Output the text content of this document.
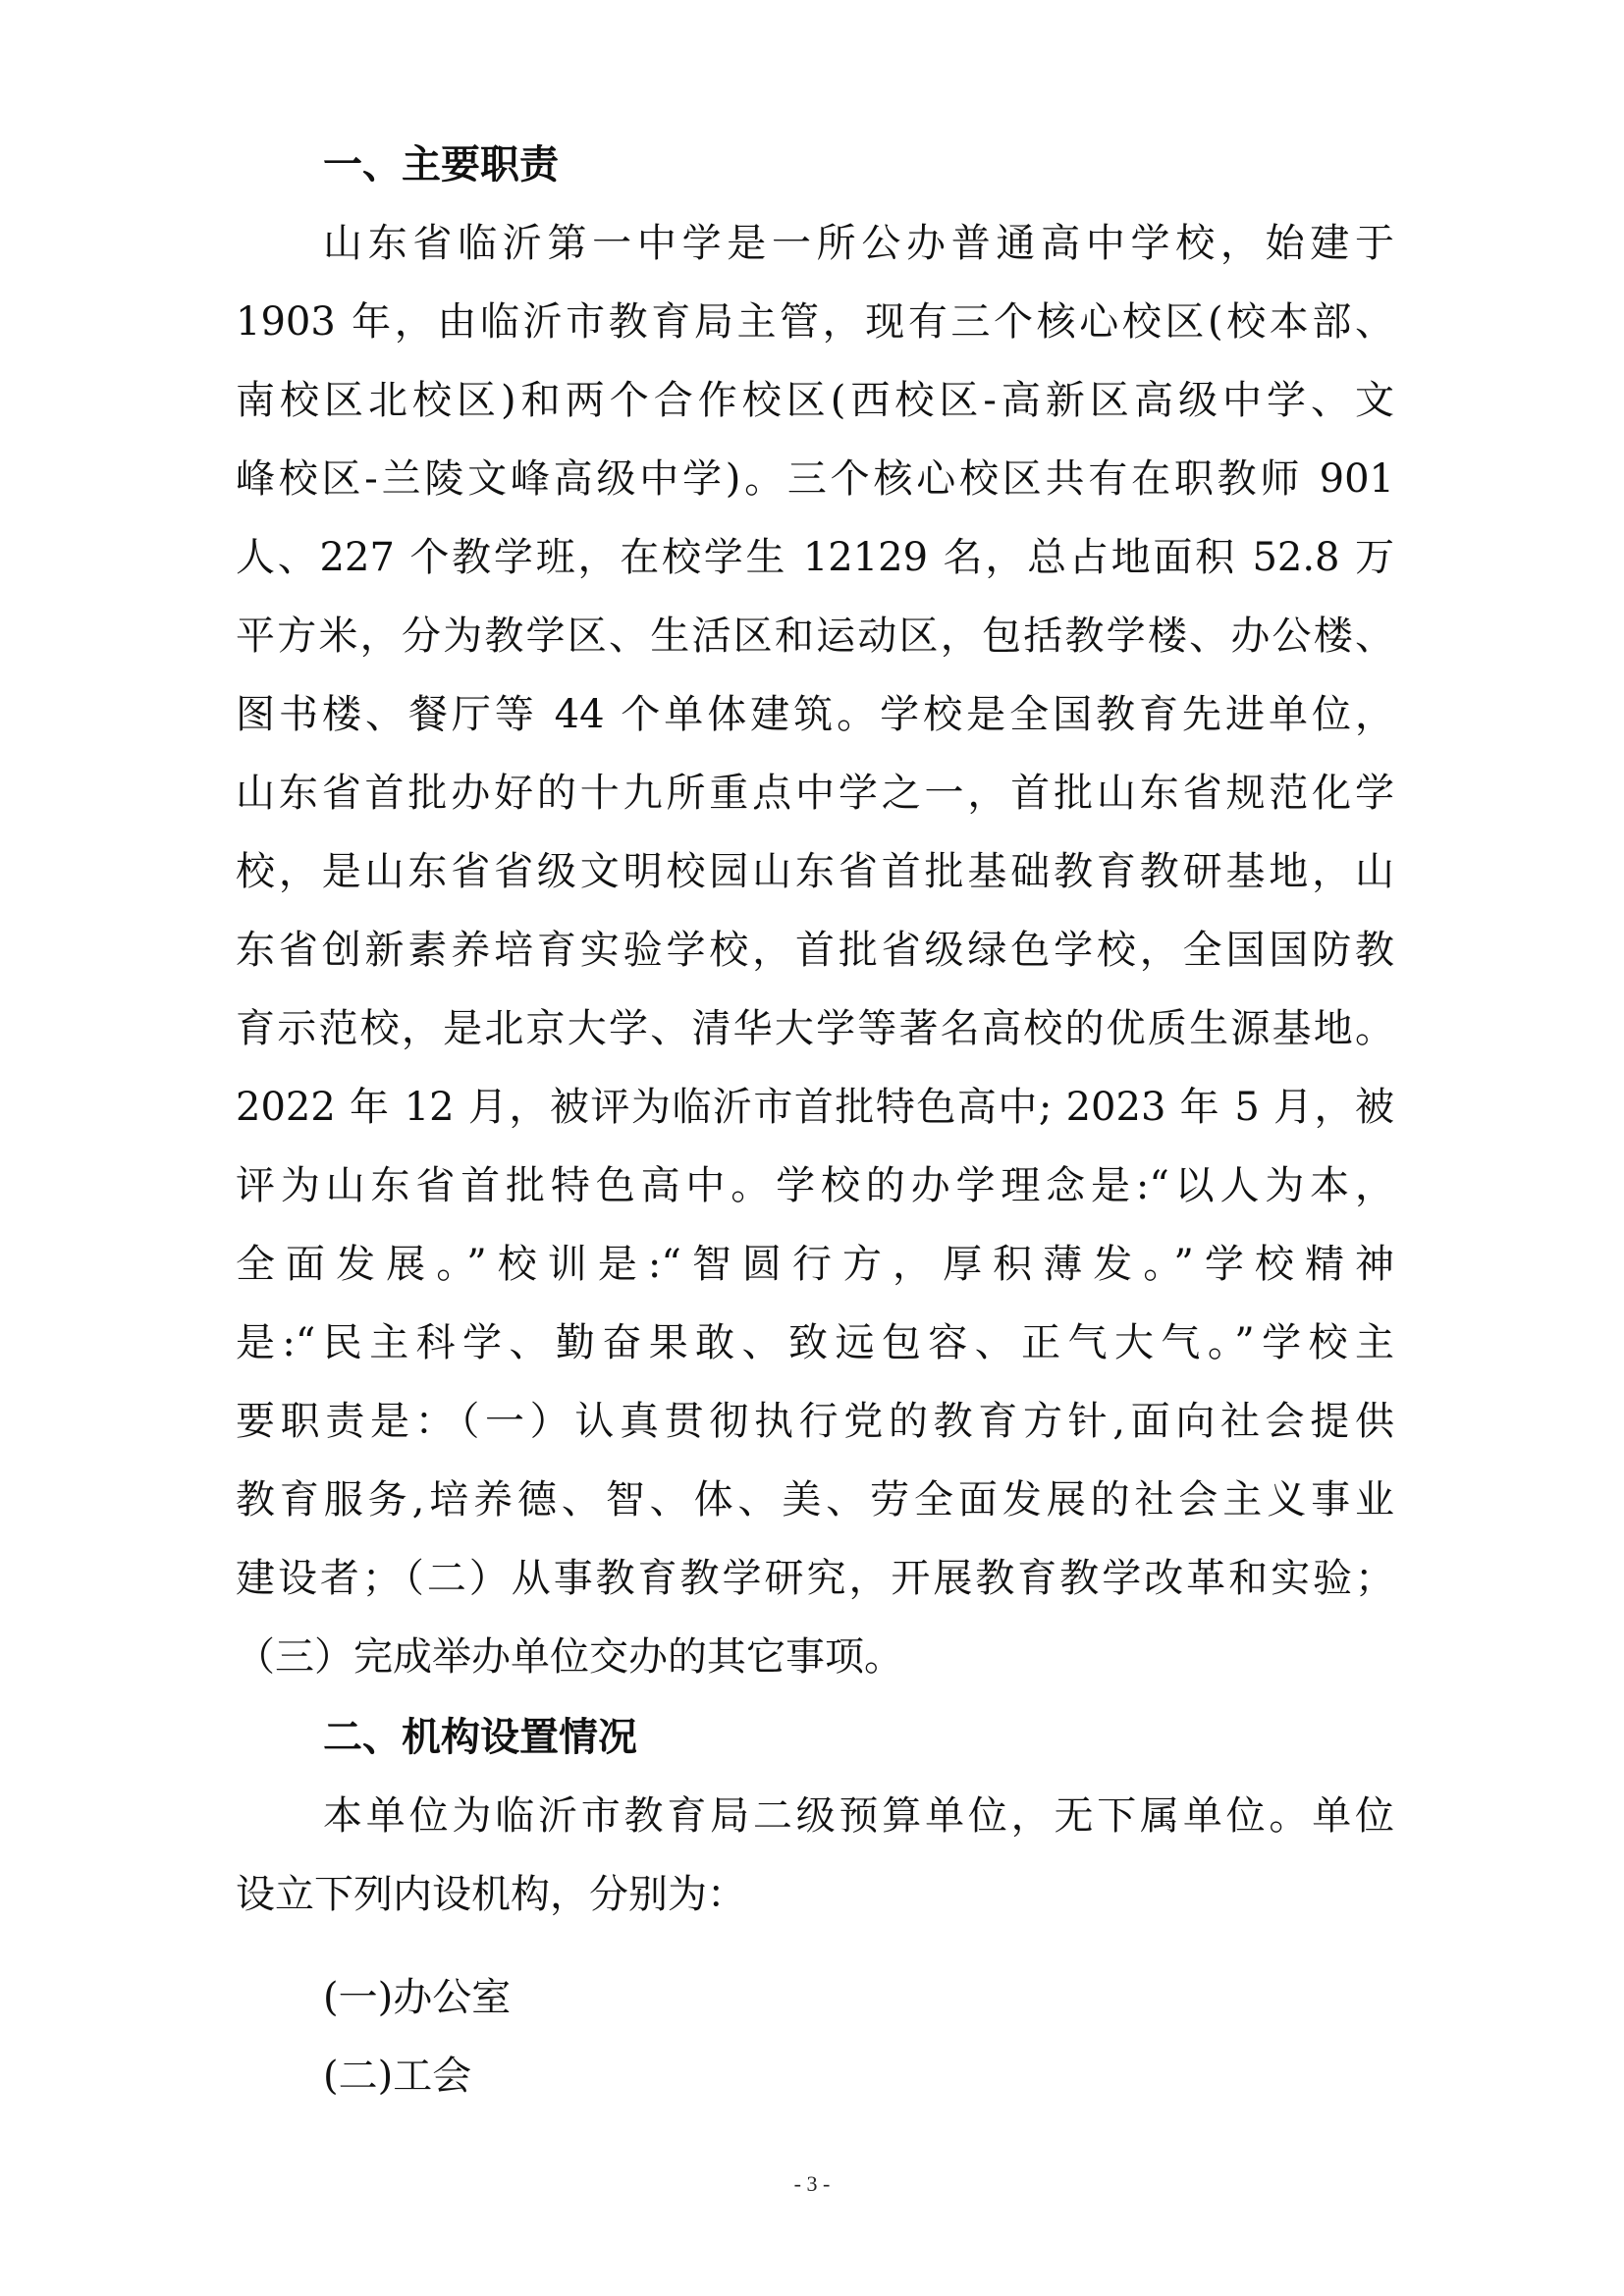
一、主要职责
山东省临沂第一中学是一所公办普通高中学校，始建于
1903 年，由临沂市教育局主管，现有三个核心校区(校本部、
南校区北校区)和两个合作校区(西校区-高新区高级中学、文
峰校区-兰陵文峰高级中学)。三个核心校区共有在职教师 901
人、227 个教学班，在校学生 12129 名，总占地面积 52.8 万
平方米，分为教学区、生活区和运动区，包括教学楼、办公楼、
图书楼、餐厅等 44 个单体建筑。学校是全国教育先进单位，
山东省首批办好的十九所重点中学之一，首批山东省规范化学
校，是山东省省级文明校园山东省首批基础教育教研基地，山
东省创新素养培育实验学校，首批省级绿色学校，全国国防教
育示范校，是北京大学、清华大学等著名高校的优质生源基地。
2022 年 12 月，被评为临沂市首批特色高中; 2023 年 5 月，被
评为山东省首批特色高中。学校的办学理念是:“以人为本，
全面发展。”校训是:“智圆行方，厚积薄发。”学校精神
是:“民主科学、勤奋果敢、致远包容、正气大气。”学校主
要职责是：（一）认真贯彻执行党的教育方针,面向社会提供
教育服务,培养德、智、体、美、劳全面发展的社会主义事业
建设者；（二）从事教育教学研究，开展教育教学改革和实验；
（三）完成举办单位交办的其它事项。
二、机构设置情况
本单位为临沂市教育局二级预算单位，无下属单位。单位
设立下列内设机构，分别为：

(一)办公室

(二)工会

- 3 -
